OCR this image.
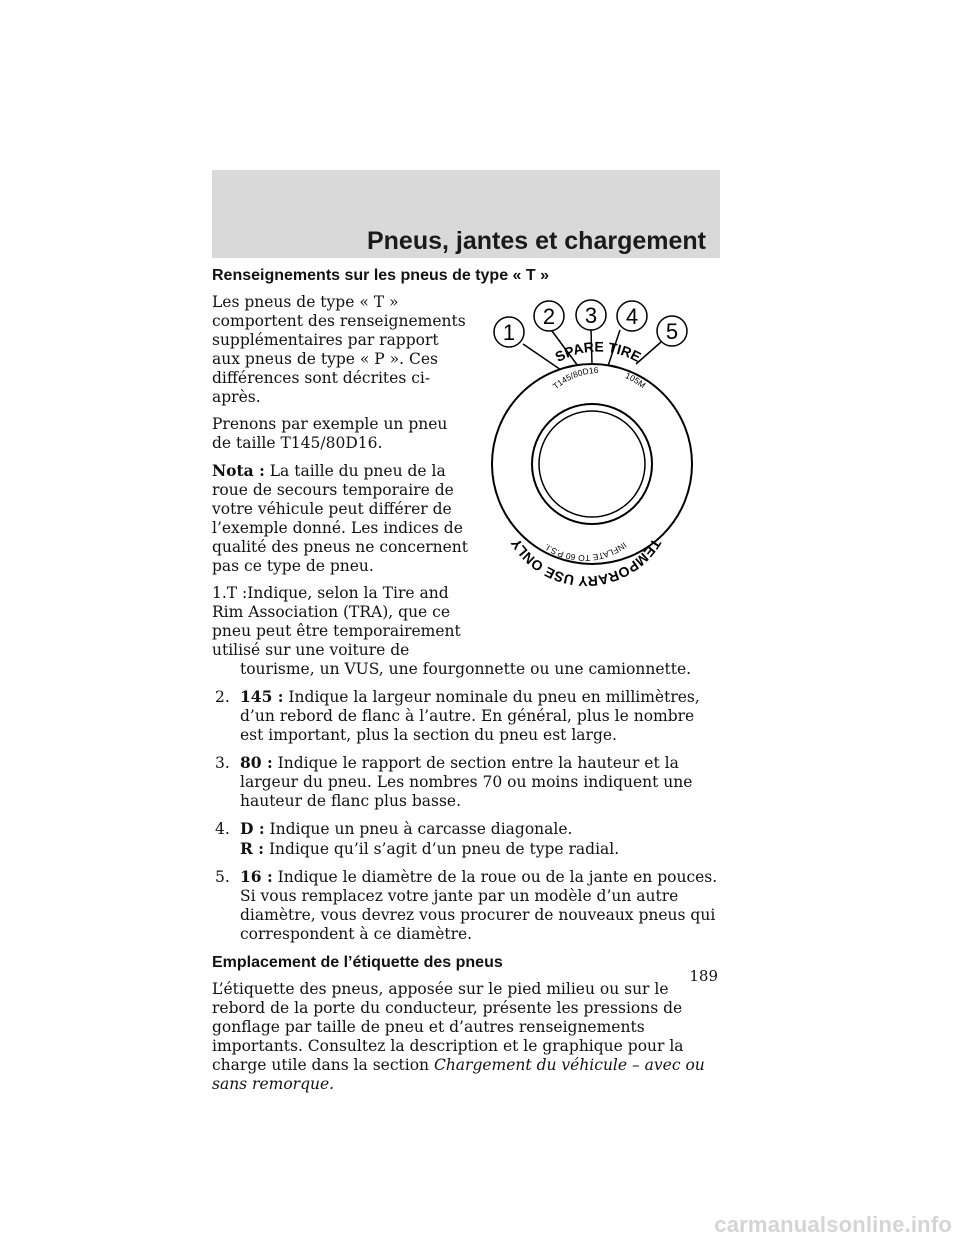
Pneus, jantes et chargement
Renseignements sur les pneus de type « T »

Les pneus de type « T » comportent des renseignements supplémentaires par rapport aux pneus de type « P ». Ces différences sont décrites ci-après.

Prenons par exemple un pneu de taille T145/80D16.

Nota : La taille du pneu de la roue de secours temporaire de votre véhicule peut différer de l’exemple donné. Les indices de qualité des pneus ne concernent pas ce type de pneu.

1.T :Indique, selon la Tire and Rim Association (TRA), que ce pneu peut être temporairement utilisé sur une voiture de
tourisme, un VUS, une fourgonnette ou une camionnette.
2. 145 : Indique la largeur nominale du pneu en millimètres, d’un rebord de flanc à l’autre. En général, plus le nombre est important, plus la section du pneu est large.
3. 80 : Indique le rapport de section entre la hauteur et la largeur du pneu. Les nombres 70 ou moins indiquent une hauteur de flanc plus basse.
4. D : Indique un pneu à carcasse diagonale.
R : Indique qu’il s’agit d’un pneu de type radial.
5. 16 : Indique le diamètre de la roue ou de la jante en pouces. Si vous remplacez votre jante par un modèle d’un autre diamètre, vous devrez vous procurer de nouveaux pneus qui correspondent à ce diamètre.
Emplacement de l’étiquette des pneus

L’étiquette des pneus, apposée sur le pied milieu ou sur le rebord de la porte du conducteur, présente les pressions de gonflage par taille de pneu et d’autres renseignements importants. Consultez la description et le graphique pour la charge utile dans la section Chargement du véhicule – avec ou sans remorque.

1
2 3 4
5
SPARE TIRE
T145/80D16
105M
TEMPORARY USE ONLY	INFLATE TO 60 P.S.I.
189
carmanualsonline.info
